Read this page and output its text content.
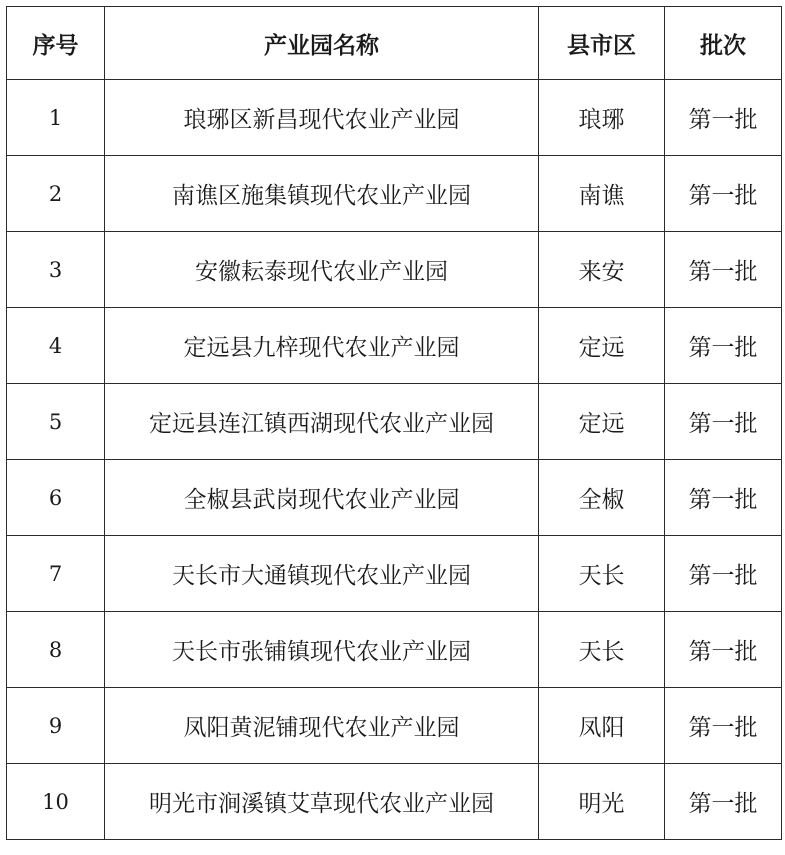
序号	产业园名称	县市区	批次
1	琅琊区新昌现代农业产业园	琅琊	第一批
2	南谯区施集镇现代农业产业园	南谯	第一批
3	安徽耘泰现代农业产业园	来安	第一批
4	定远县九梓现代农业产业园	定远	第一批
5	定远县连江镇西湖现代农业产业园	定远	第一批
6	全椒县武岗现代农业产业园	全椒	第一批
7	天长市大通镇现代农业产业园	天长	第一批
8	天长市张铺镇现代农业产业园	天长	第一批
9	凤阳黄泥铺现代农业产业园	凤阳	第一批
10	明光市涧溪镇艾草现代农业产业园	明光	第一批
